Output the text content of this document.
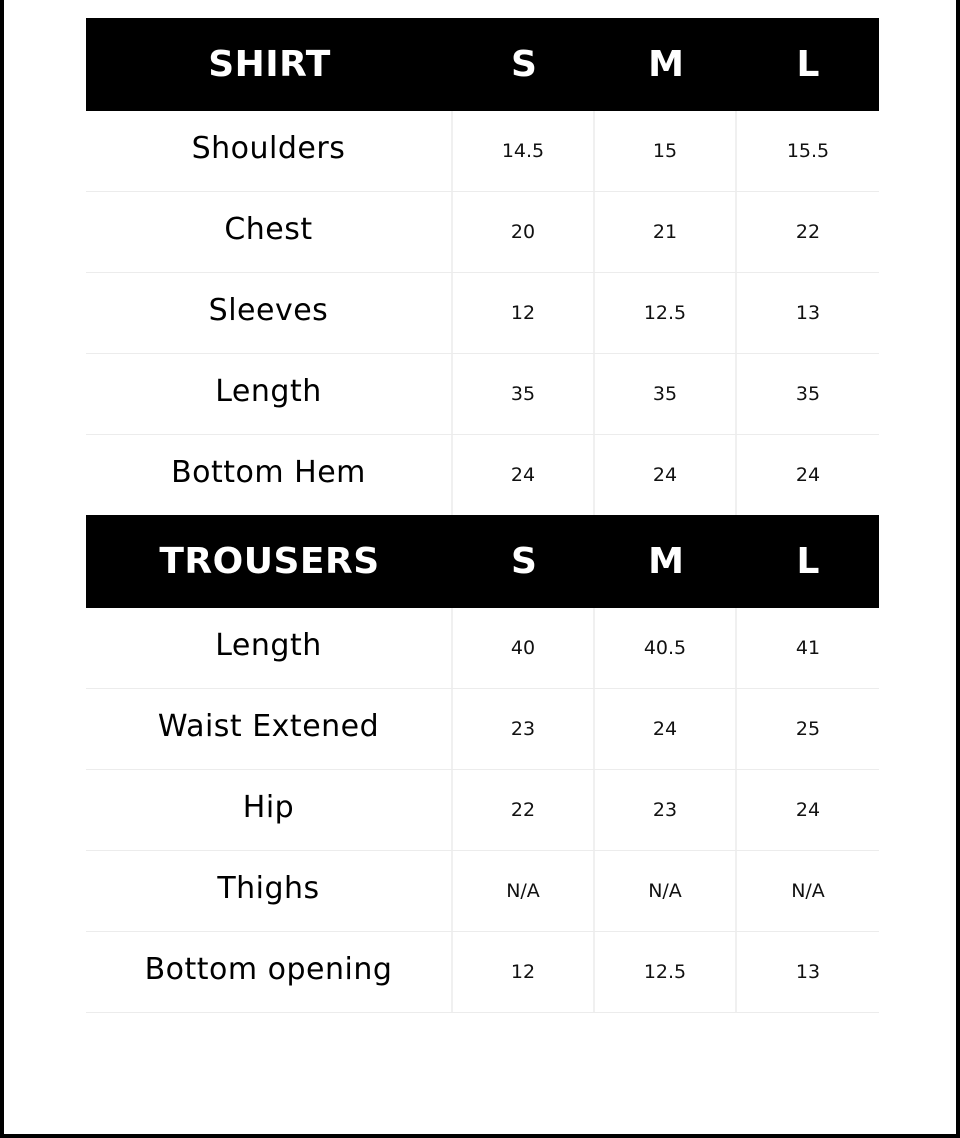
SHIRT	S	M	L
Shoulders	14.5	15	15.5
Chest	20	21	22
Sleeves	12	12.5	13
Length	35	35	35
Bottom Hem	24	24	24
TROUSERS	S	M	L
Length	40	40.5	41
Waist Extened	23	24	25
Hip	22	23	24
Thighs	N/A	N/A	N/A
Bottom opening	12	12.5	13
